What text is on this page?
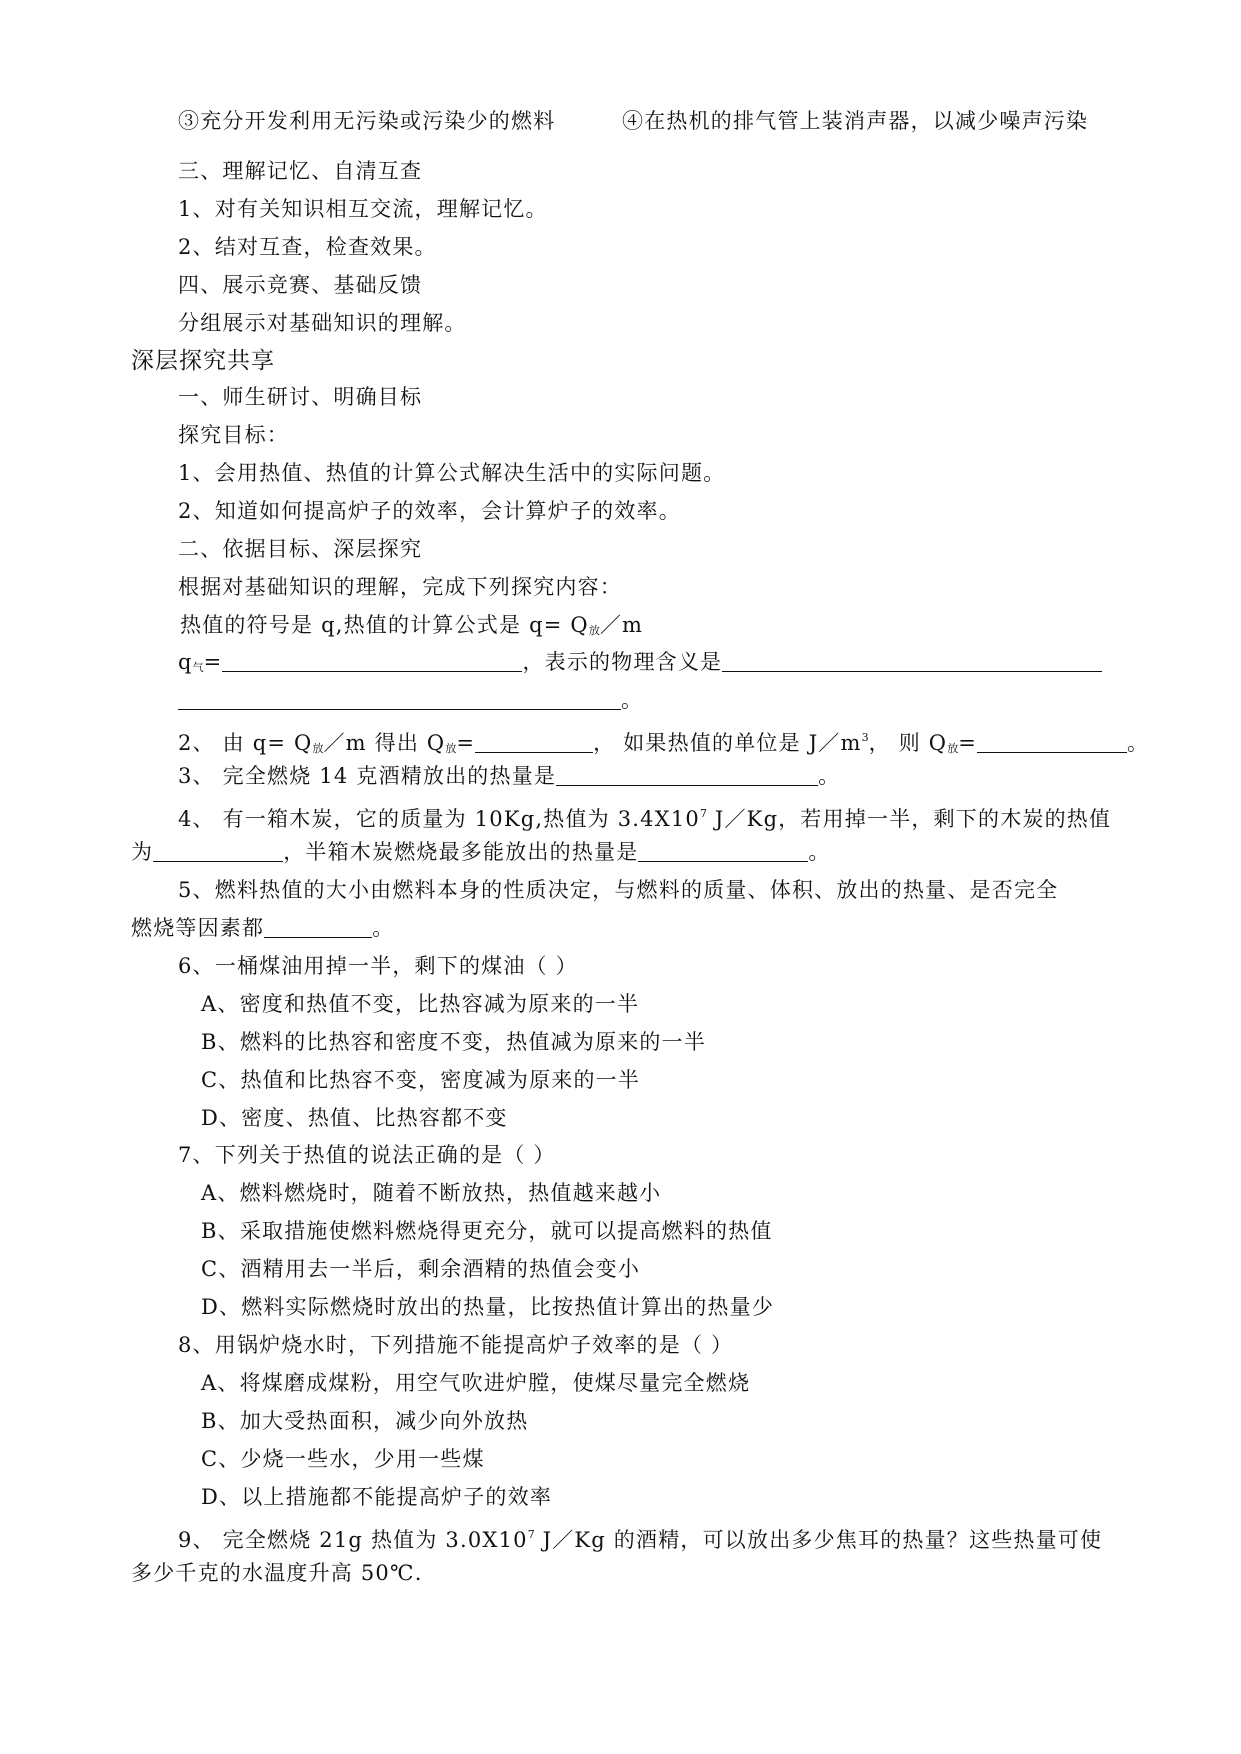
③充分开发利用无污染或污染少的燃料	④在热机的排气管上装消声器，以减少噪声污染
三、理解记忆、自清互查
1、对有关知识相互交流，理解记忆。
2、结对互查，检查效果。
四、展示竞赛、基础反馈
分组展示对基础知识的理解。
深层探究共享
一、师生研讨、明确目标
探究目标：
1、会用热值、热值的计算公式解决生活中的实际问题。
2、知道如何提高炉子的效率，会计算炉子的效率。
二、依据目标、深层探究
根据对基础知识的理解，完成下列探究内容：
热值的符号是 q,热值的计算公式是 $q= Q_放/m$
$q_气=$	，表示的物理含义是
。
2、 由 $q= Q_放/m$ 得出 $Q_放=$	， 如果热值的单位是 $J/m^3$， 则 $Q_放=$	。
3、 完全燃烧 14 克酒精放出的热量是	。
4、 有一箱木炭，它的质量为 10Kg,热值为 $3.4X10^7$ J／Kg，若用掉一半，剩下的木炭的热值
为	，半箱木炭燃烧最多能放出的热量是	。
5、燃料热值的大小由燃料本身的性质决定，与燃料的质量、体积、放出的热量、是否完全
燃烧等因素都	。
6、一桶煤油用掉一半，剩下的煤油（ ）
A、密度和热值不变，比热容减为原来的一半
B、燃料的比热容和密度不变，热值减为原来的一半
C、热值和比热容不变，密度减为原来的一半
D、密度、热值、比热容都不变
7、下列关于热值的说法正确的是（ ）
A、燃料燃烧时，随着不断放热，热值越来越小
B、采取措施使燃料燃烧得更充分，就可以提高燃料的热值
C、酒精用去一半后，剩余酒精的热值会变小
D、燃料实际燃烧时放出的热量，比按热值计算出的热量少
8、用锅炉烧水时，下列措施不能提高炉子效率的是（ ）
A、将煤磨成煤粉，用空气吹进炉膛，使煤尽量完全燃烧
B、加大受热面积，减少向外放热
C、少烧一些水，少用一些煤
D、以上措施都不能提高炉子的效率
9、 完全燃烧 21g 热值为 $3.0X10^7$ J／Kg 的酒精，可以放出多少焦耳的热量？这些热量可使
多少千克的水温度升高 50℃.
